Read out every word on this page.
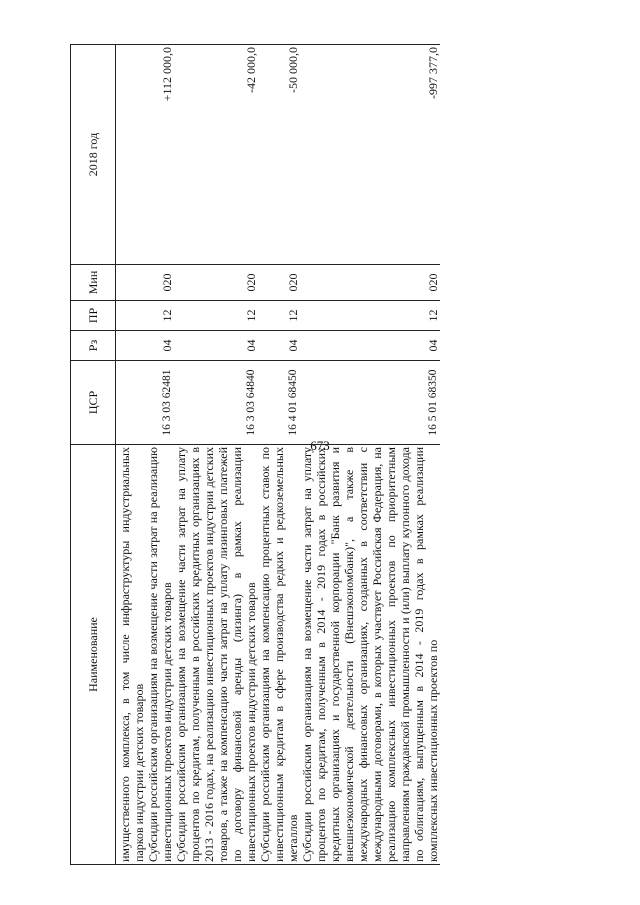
673
Наименование	ЦСР	Рз	ПР	Мин	2018 год
имущественного комплекса, в том числе инфраструктуры индустриальных парков индустрии детских товаров					
Субсидии российским организациям на возмещение части затрат на реализацию инвестиционных проектов индустрии детских товаров	16 3 03 62481	04	12	020	+112 000,0
Субсидии российским организациям на возмещение части затрат на уплату процентов по кредитам, полученным в российских кредитных организациях в 2013 - 2016 годах, на реализацию инвестиционных проектов индустрии детских товаров, а также на компенсацию части затрат на уплату лизинговых платежей по договору финансовой аренды (лизинга) в рамках реализации инвестиционных проектов индустрии детских товаров	16 3 03 64840	04	12	020	-42 000,0
Субсидии российским организациям на компенсацию процентных ставок по инвестиционным кредитам в сфере производства редких и редкоземельных металлов	16 4 01 68450	04	12	020	-50 000,0
Субсидии российским организациям на возмещение части затрат на уплату процентов по кредитам, полученным в 2014 - 2019 годах в российских кредитных организациях и государственной корпорации "Банк развития и внешнеэкономической деятельности (Внешэкономбанк)", а также в международных финансовых организациях, созданных в соответствии с международными договорами, в которых участвует Российская Федерация, на реализацию комплексных инвестиционных проектов по приоритетным направлениям гражданской промышленности и (или) выплату купонного дохода по облигациям, выпущенным в 2014 - 2019 годах в рамках реализации комплексных инвестиционных проектов по	16 5 01 68350	04	12	020	-997 377,0
